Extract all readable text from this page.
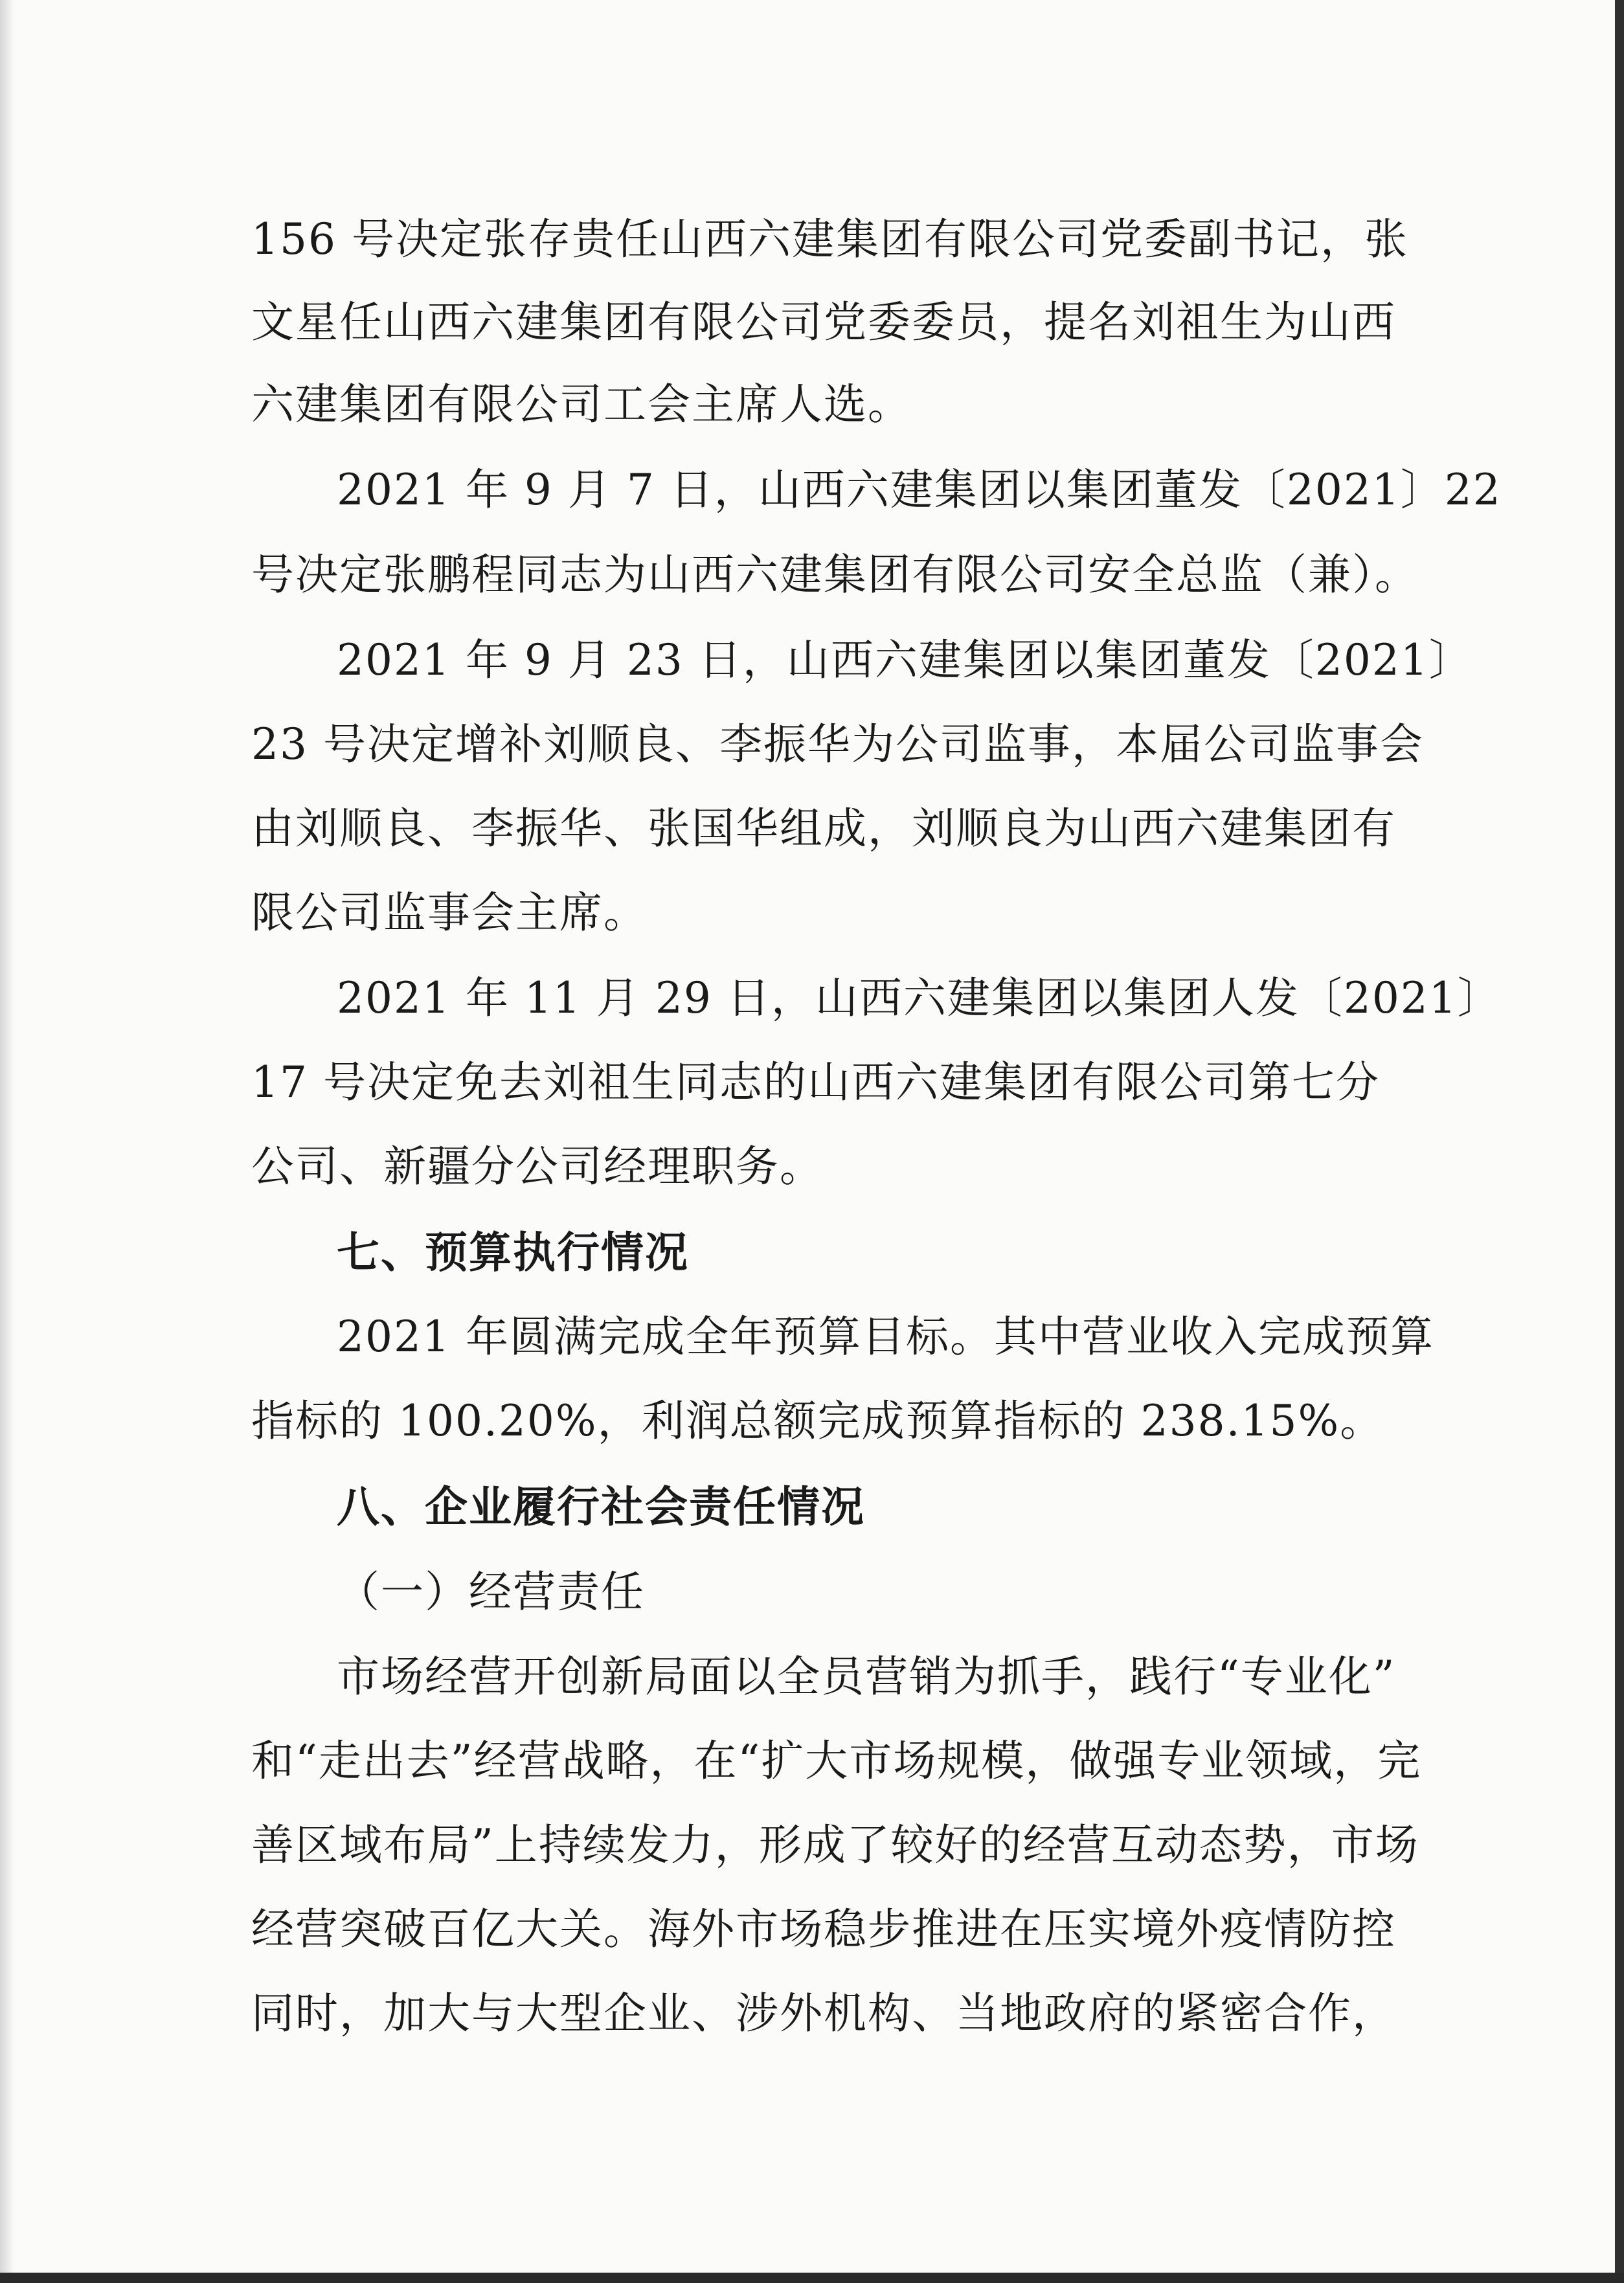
156 号决定张存贵任山西六建集团有限公司党委副书记，张
文星任山西六建集团有限公司党委委员，提名刘祖生为山西
六建集团有限公司工会主席人选。
2021 年 9 月 7 日，山西六建集团以集团董发〔2021〕22
号决定张鹏程同志为山西六建集团有限公司安全总监（兼）。
2021 年 9 月 23 日，山西六建集团以集团董发〔2021〕
23 号决定增补刘顺良、李振华为公司监事，本届公司监事会
由刘顺良、李振华、张国华组成，刘顺良为山西六建集团有
限公司监事会主席。
2021 年 11 月 29 日，山西六建集团以集团人发〔2021〕
17 号决定免去刘祖生同志的山西六建集团有限公司第七分
公司、新疆分公司经理职务。
七、预算执行情况
2021 年圆满完成全年预算目标。其中营业收入完成预算
指标的 100.20%，利润总额完成预算指标的 238.15%。
八、企业履行社会责任情况
（一）经营责任
市场经营开创新局面以全员营销为抓手，践行“专业化”
和“走出去”经营战略，在“扩大市场规模，做强专业领域，完
善区域布局”上持续发力，形成了较好的经营互动态势，市场
经营突破百亿大关。海外市场稳步推进在压实境外疫情防控
同时，加大与大型企业、涉外机构、当地政府的紧密合作，
